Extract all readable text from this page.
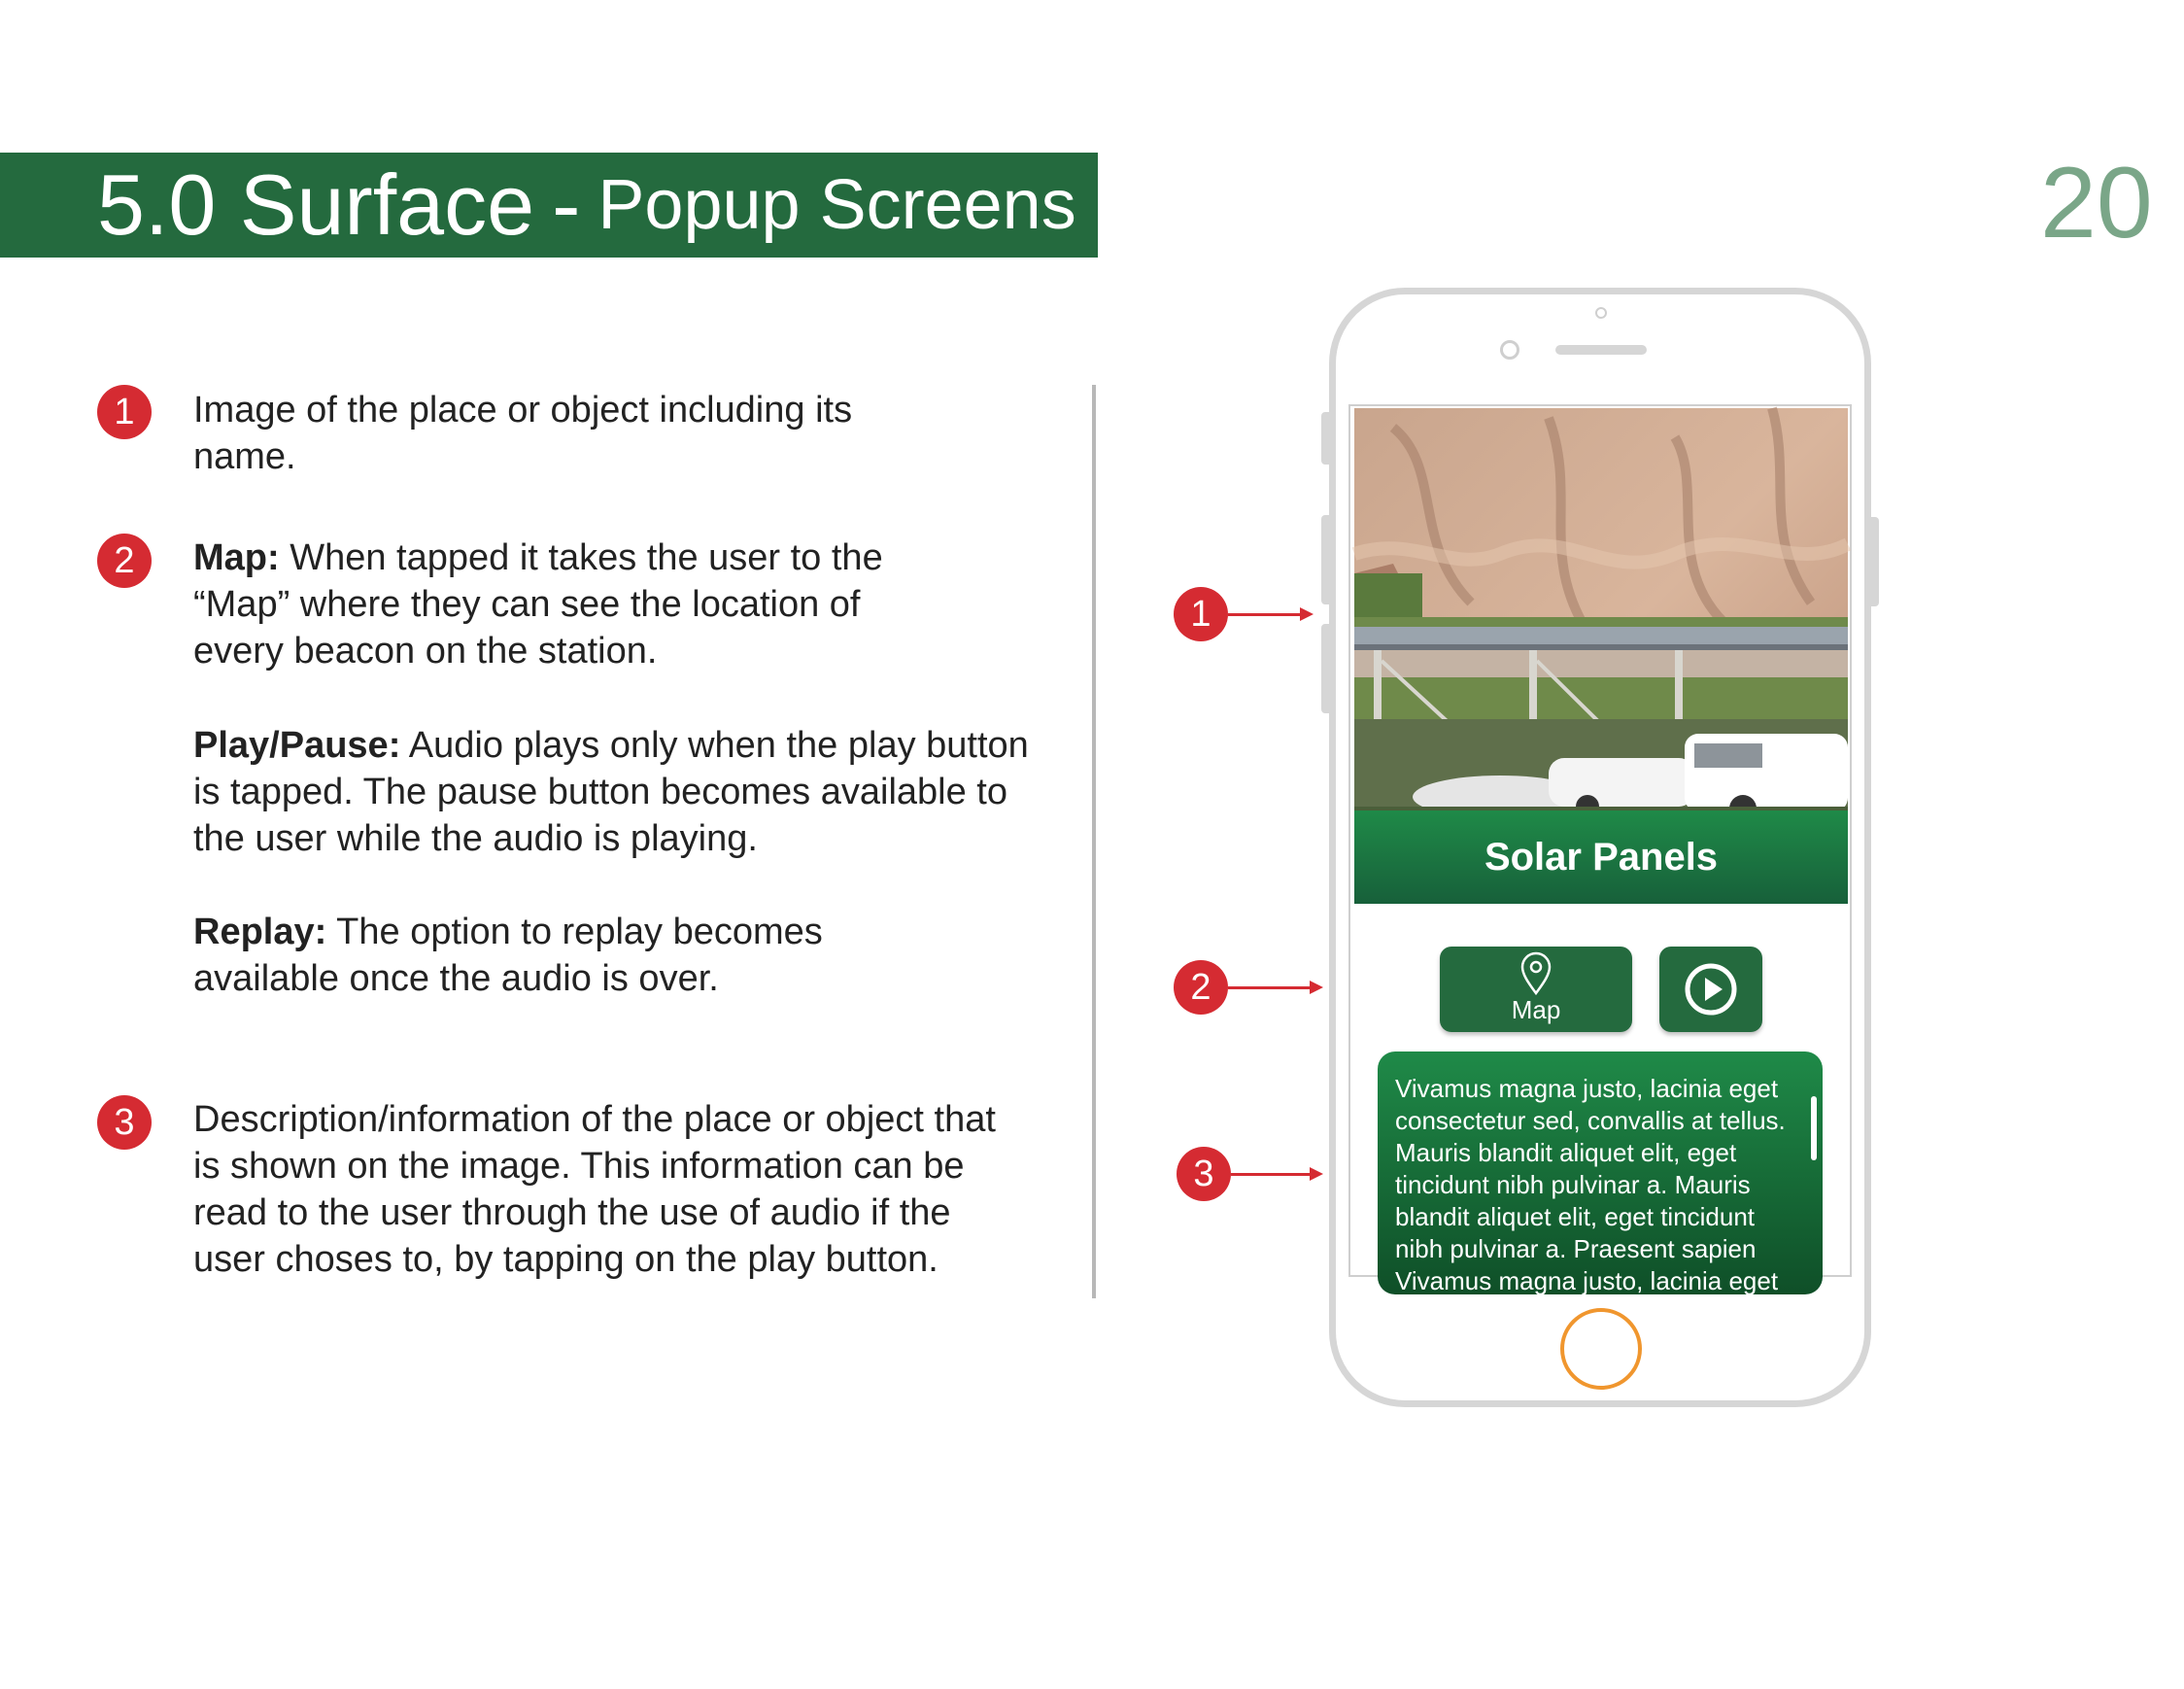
5.0 Surface - Popup Screens	20
1	Image of the place or object including its name.
2	Map: When tapped it takes the user to the “Map” where they can see the location of every beacon on the station.
Play/Pause: Audio plays only when the play button is tapped. The pause button becomes available to the user while the audio is playing.
Replay: The option to replay becomes available once the audio is over.
3	Description/information of the place or object that is shown on the image. This information can be read to the user through the use of audio if the user choses to, by tapping on the play button.
1
2
3
Solar Panels
Map
Vivamus magna justo, lacinia eget consectetur sed, convallis at tellus. Mauris blandit aliquet elit, eget tincidunt nibh pulvinar a. Mauris blandit aliquet elit, eget tincidunt nibh pulvinar a. Praesent sapien Vivamus magna justo, lacinia eget
